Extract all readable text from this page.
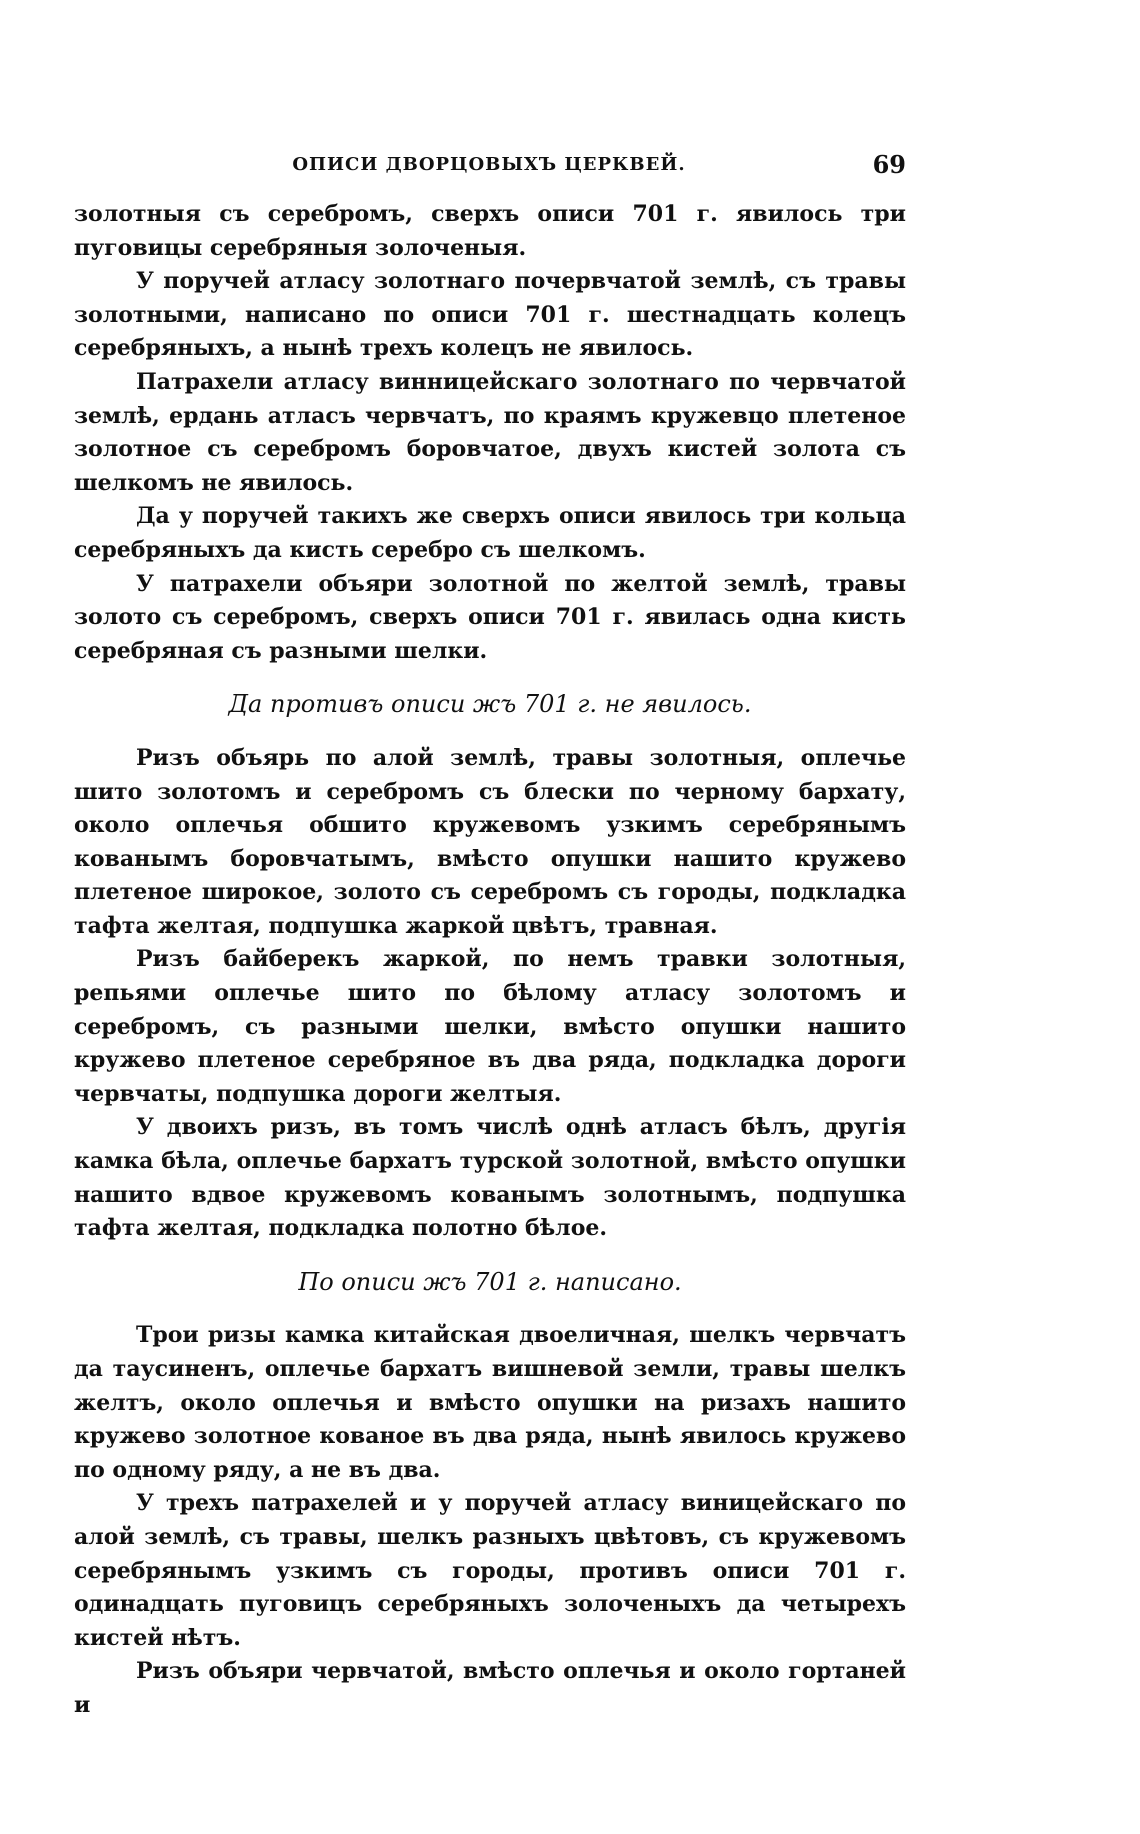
ОПИСИ ДВОРЦОВЫХЪ ЦЕРКВЕЙ.	69

золотныя съ серебромъ, сверхъ описи 701 г. явилось три пуговицы серебряныя золоченыя.

У поручей атласу золотнаго почервчатой землѣ, съ травы золотными, написано по описи 701 г. шестнадцать колецъ серебряныхъ, а нынѣ трехъ колецъ не явилось.

Патрахели атласу винницейскаго золотнаго по червчатой землѣ, ердань атласъ червчатъ, по краямъ кружевцо плетеное золотное съ серебромъ боровчатое, двухъ кистей золота съ шелкомъ не явилось.

Да у поручей такихъ же сверхъ описи явилось три кольца серебряныхъ да кисть серебро съ шелкомъ.

У патрахели объяри золотной по желтой землѣ, травы золото съ серебромъ, сверхъ описи 701 г. явилась одна кисть серебряная съ разными шелки.

Да противъ описи жъ 701 г. не явилось.

Ризъ объярь по алой землѣ, травы золотныя, оплечье шито золотомъ и серебромъ съ блески по черному бархату, около оплечья обшито кружевомъ узкимъ серебрянымъ кованымъ боровчатымъ, вмѣсто опушки нашито кружево плетеное широкое, золото съ серебромъ съ городы, подкладка тафта желтая, подпушка жаркой цвѣтъ, травная.

Ризъ байберекъ жаркой, по немъ травки золотныя, репьями оплечье шито по бѣлому атласу золотомъ и серебромъ, съ разными шелки, вмѣсто опушки нашито кружево плетеное серебряное въ два ряда, подкладка дороги червчаты, подпушка дороги желтыя.

У двоихъ ризъ, въ томъ числѣ однѣ атласъ бѣлъ, другія камка бѣла, оплечье бархатъ турской золотной, вмѣсто опушки нашито вдвое кружевомъ кованымъ золотнымъ, подпушка тафта желтая, подкладка полотно бѣлое.

По описи жъ 701 г. написано.

Трои ризы камка китайская двоеличная, шелкъ червчатъ да таусиненъ, оплечье бархатъ вишневой земли, травы шелкъ желтъ, около оплечья и вмѣсто опушки на ризахъ нашито кружево золотное кованое въ два ряда, нынѣ явилось кружево по одному ряду, а не въ два.

У трехъ патрахелей и у поручей атласу виницейскаго по алой землѣ, съ травы, шелкъ разныхъ цвѣтовъ, съ кружевомъ серебрянымъ узкимъ съ городы, противъ описи 701 г. одинадцать пуговицъ серебряныхъ золоченыхъ да четырехъ кистей нѣтъ.

Ризъ объяри червчатой, вмѣсто оплечья и около гортаней и
